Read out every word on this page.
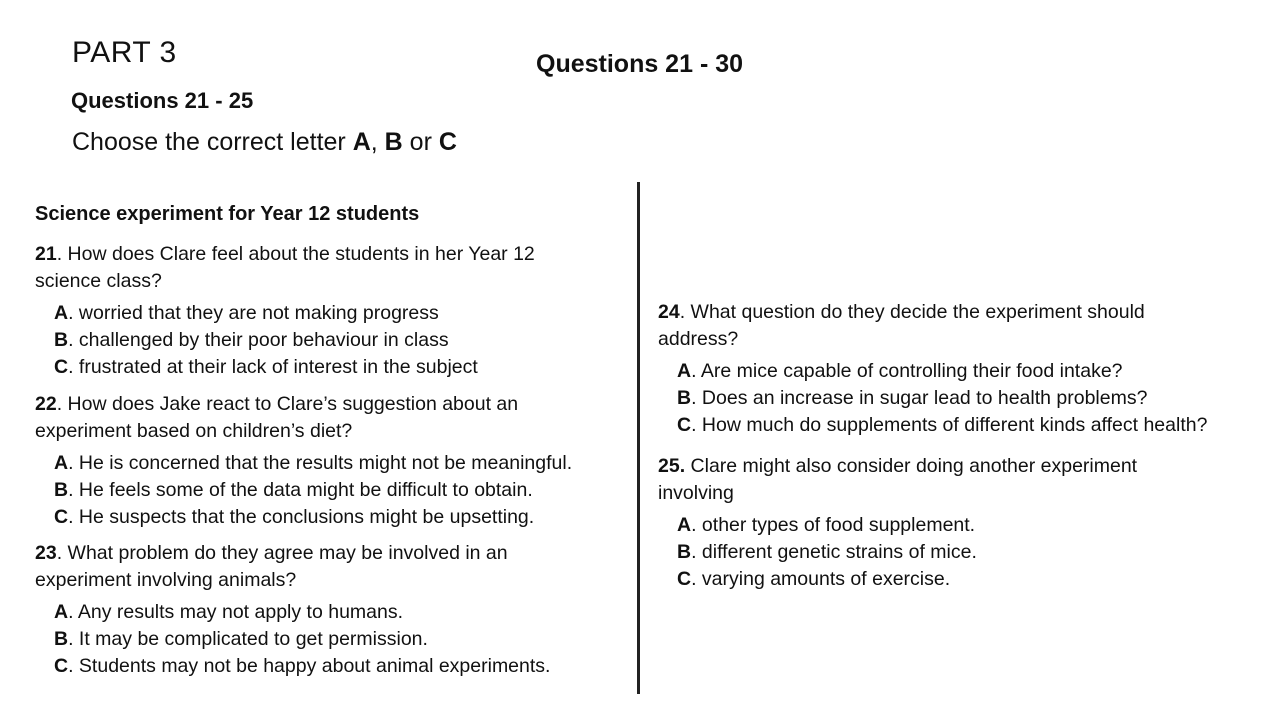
PART 3	Questions 21 - 30
Questions 21 - 25
Choose the correct letter A, B or C
Science experiment for Year 12 students

21. How does Clare feel about the students in her Year 12 science class?

A. worried that they are not making progress
B. challenged by their poor behaviour in class
C. frustrated at their lack of interest in the subject

22. How does Jake react to Clare’s suggestion about an experiment based on children’s diet?

A. He is concerned that the results might not be meaningful.
B. He feels some of the data might be difficult to obtain.
C. He suspects that the conclusions might be upsetting.

23. What problem do they agree may be involved in an experiment involving animals?

A. Any results may not apply to humans.
B. It may be complicated to get permission.
C. Students may not be happy about animal experiments.

24. What question do they decide the experiment should address?

A. Are mice capable of controlling their food intake?
B. Does an increase in sugar lead to health problems?
C. How much do supplements of different kinds affect health?

25. Clare might also consider doing another experiment involving

A. other types of food supplement.
B. different genetic strains of mice.
C. varying amounts of exercise.
